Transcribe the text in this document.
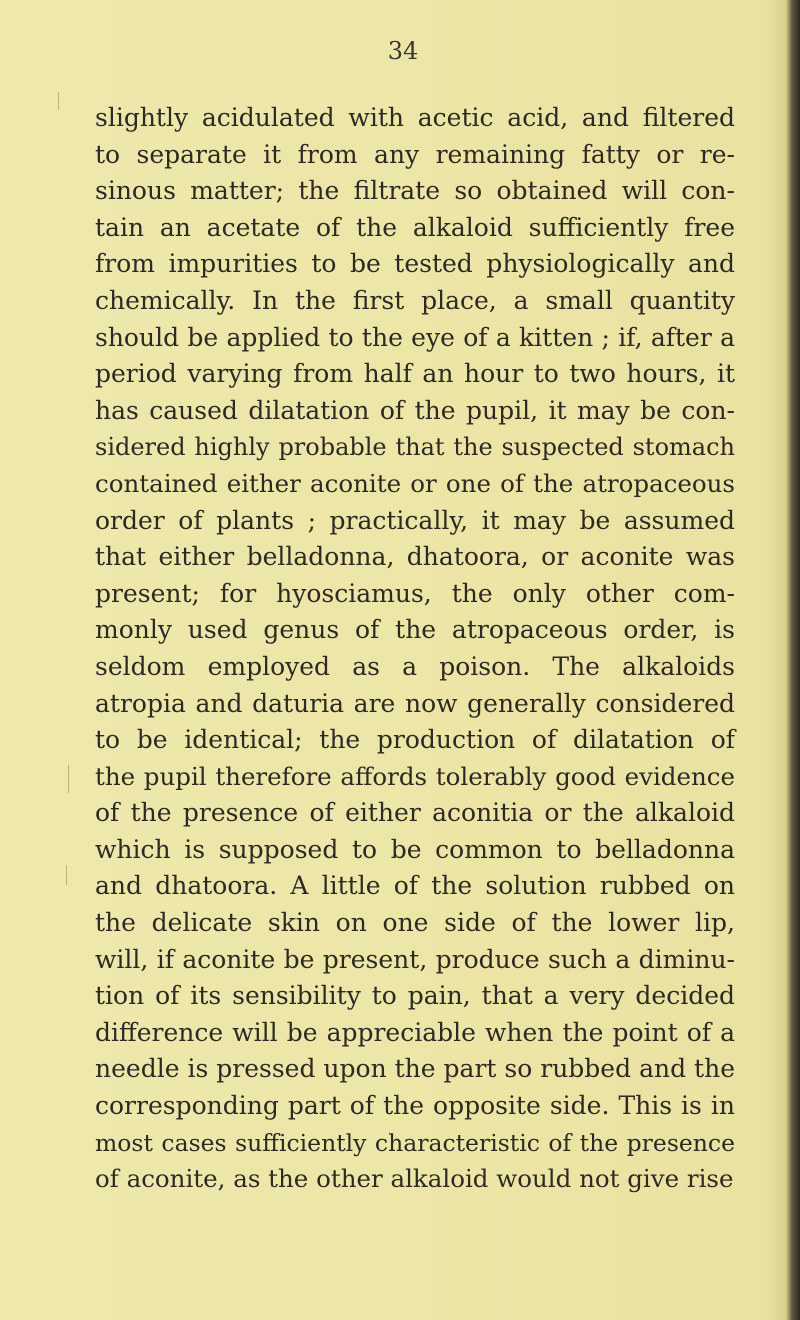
34
slightly acidulated with acetic acid, and filtered
to separate it from any remaining fatty or re-
sinous matter; the filtrate so obtained will con-
tain an acetate of the alkaloid sufficiently free
from impurities to be tested physiologically and
chemically. In the first place, a small quantity
should be applied to the eye of a kitten ; if, after a
period varying from half an hour to two hours, it
has caused dilatation of the pupil, it may be con-
sidered highly probable that the suspected stomach
contained either aconite or one of the atropaceous
order of plants ; practically, it may be assumed
that either belladonna, dhatoora, or aconite was
present; for hyosciamus, the only other com-
monly used genus of the atropaceous order, is
seldom employed as a poison. The alkaloids
atropia and daturia are now generally considered
to be identical; the production of dilatation of
the pupil therefore affords tolerably good evidence
of the presence of either aconitia or the alkaloid
which is supposed to be common to belladonna
and dhatoora. A little of the solution rubbed on
the delicate skin on one side of the lower lip,
will, if aconite be present, produce such a diminu-
tion of its sensibility to pain, that a very decided
difference will be appreciable when the point of a
needle is pressed upon the part so rubbed and the
corresponding part of the opposite side. This is in
most cases sufficiently characteristic of the presence
of aconite, as the other alkaloid would not give rise
